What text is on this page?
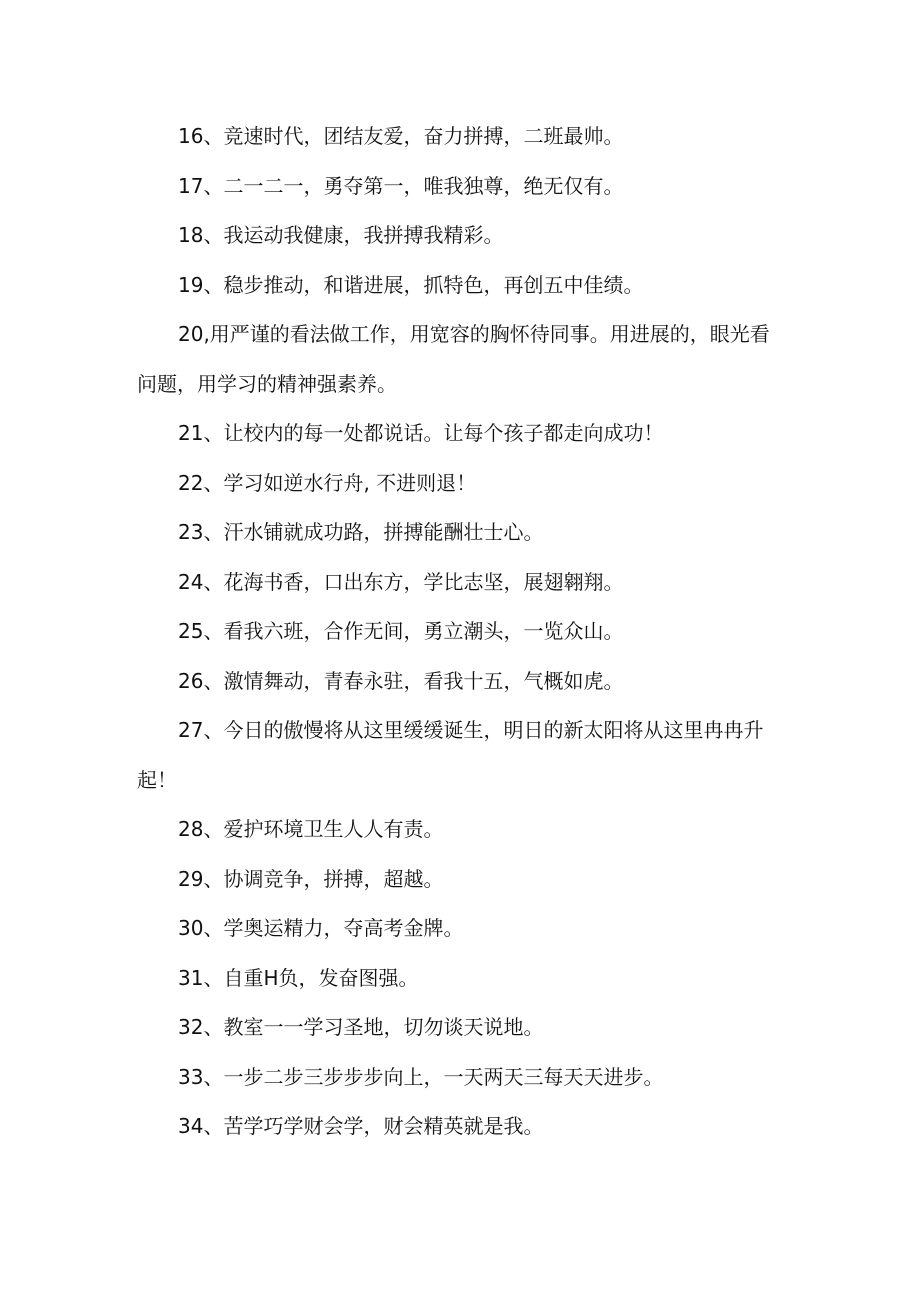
16、竞速时代，团结友爱，奋力拼搏，二班最帅。

17、二一二一，勇夺第一，唯我独尊，绝无仅有。

18、我运动我健康，我拼搏我精彩。

19、稳步推动，和谐进展，抓特色，再创五中佳绩。

20,用严谨的看法做工作，用宽容的胸怀待同事。用进展的，眼光看问题，用学习的精神强素养。

21、让校内的每一处都说话。让每个孩子都走向成功！

22、学习如逆水行舟, 不进则退！

23、汗水铺就成功路，拼搏能酬壮士心。

24、花海书香，口出东方，学比志坚，展翅翱翔。

25、看我六班，合作无间，勇立潮头，一览众山。

26、激情舞动，青春永驻，看我十五，气概如虎。

27、今日的傲慢将从这里缓缓诞生，明日的新太阳将从这里冉冉升起！

28、爱护环境卫生人人有责。

29、协调竞争，拼搏，超越。

30、学奥运精力，夺高考金牌。

31、自重H负，发奋图强。

32、教室一一学习圣地，切勿谈天说地。

33、一步二步三步步步向上，一天两天三每天天进步。

34、苦学巧学财会学，财会精英就是我。
